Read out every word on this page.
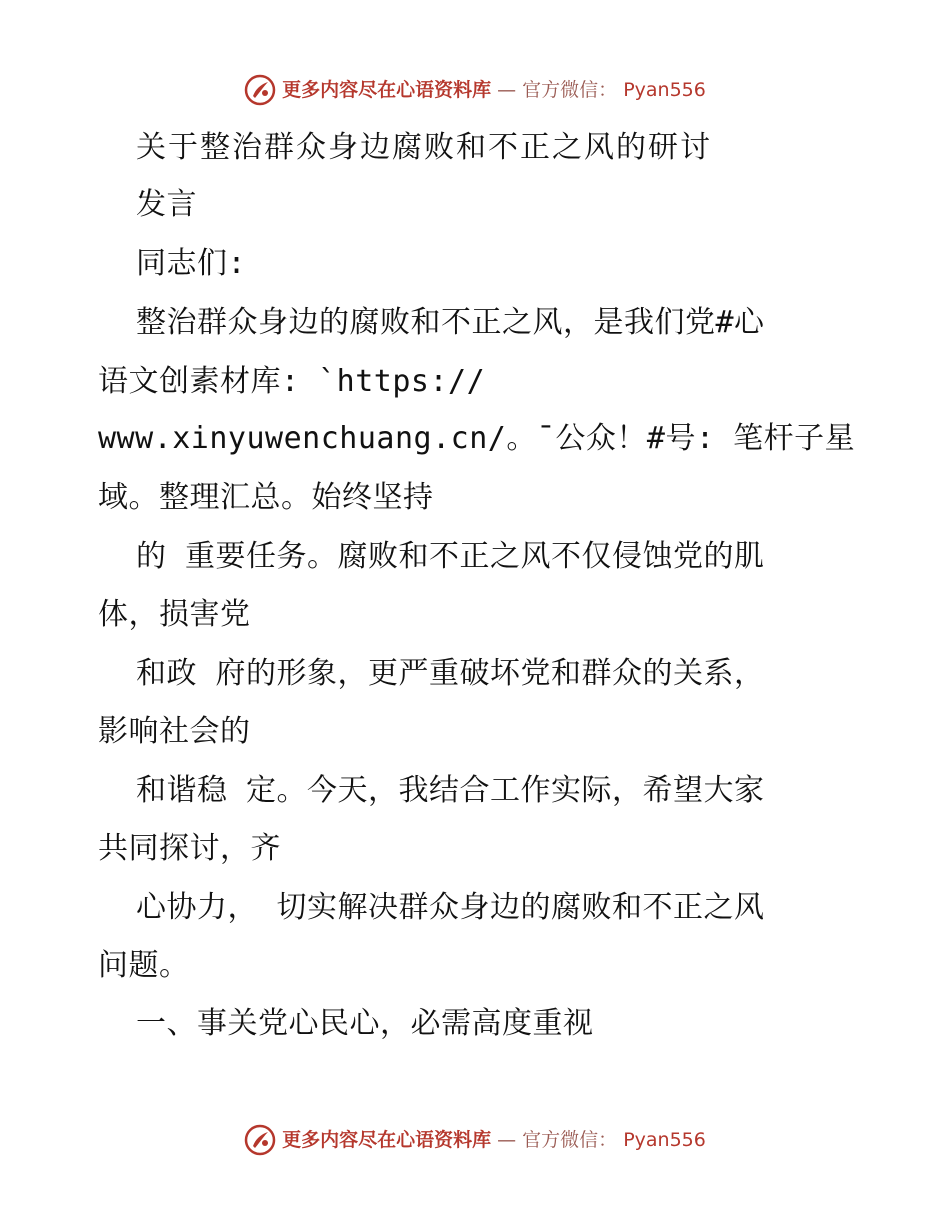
更多内容尽在心语资料库 — 官方微信： Pyan556
关于整治群众身边腐败和不正之风的研讨
发言
同志们:
整治群众身边的腐败和不正之风，是我们党#心
语文创素材库: `https://
www.xinyuwenchuang.cn/。¯公众！#号: 笔杆子星
域。整理汇总。始终坚持
的 重要任务。腐败和不正之风不仅侵蚀党的肌
体，损害党
和政 府的形象，更严重破坏党和群众的关系，
影响社会的
和谐稳 定。今天，我结合工作实际，希望大家
共同探讨，齐
心协力， 切实解决群众身边的腐败和不正之风
问题。
一、事关党心民心，必需高度重视
更多内容尽在心语资料库 — 官方微信： Pyan556
